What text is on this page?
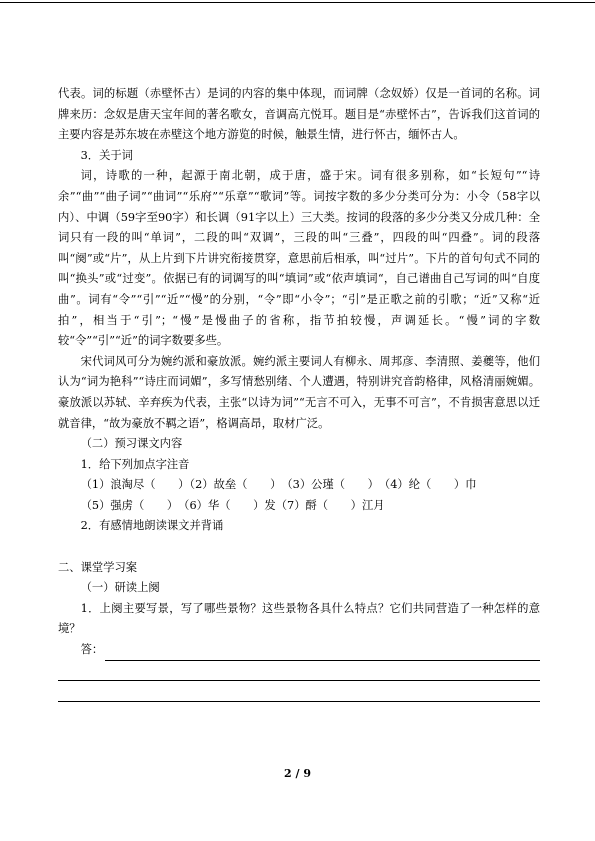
代表。词的标题（赤壁怀古）是词的内容的集中体现，而词牌（念奴娇）仅是一首词的名称。词牌来历：念奴是唐天宝年间的著名歌女，音调高亢悦耳。题目是“赤壁怀古”，告诉我们这首词的主要内容是苏东坡在赤壁这个地方游览的时候，触景生情，进行怀古，缅怀古人。

3．关于词

词，诗歌的一种，起源于南北朝，成于唐，盛于宋。词有很多别称，如“长短句”“诗余”“曲”“曲子词”“曲词”“乐府”“乐章”“歌词”等。词按字数的多少分类可分为：小令（58字以内）、中调（59字至90字）和长调（91字以上）三大类。按词的段落的多少分类又分成几种：全词只有一段的叫“单词”，二段的叫“双调”，三段的叫“三叠”，四段的叫“四叠”。词的段落叫“阕”或“片”，从上片到下片讲究衔接贯穿，意思前后相承，叫“过片”。下片的首句句式不同的叫“换头”或“过变”。依据已有的词调写的叫“填词”或“依声填词“，自己谱曲自己写词的叫“自度曲”。词有“令”“引”“近”“慢”的分别，“令”即“小令”；“引”是正歌之前的引歌；“近”又称“近拍”，相当于“引”；“慢”是慢曲子的省称，指节拍较慢，声调延长。“慢”词的字数较“令”“引”“近”的词字数要多些。

宋代词风可分为婉约派和豪放派。婉约派主要词人有柳永、周邦彦、李清照、姜夔等，他们认为“词为艳科”“诗庄而词媚”，多写情愁别绪、个人遭遇，特别讲究音韵格律，风格清丽婉媚。豪放派以苏轼、辛弃疾为代表，主张“以诗为词”“无言不可入，无事不可言”，不肯损害意思以迁就音律，“故为豪放不羁之语”，格调高昂，取材广泛。

（二）预习课文内容

1．给下列加点字注音

（1）浪淘尽（　　）（2）故垒（　　）　（3）公瑾（　　）　（4）纶（　　）巾

（5）强虏（　　）　（6）华（　　）发（7）酹（　　）江月

2．有感情地朗读课文并背诵

二、课堂学习案

（一）研读上阕

1．上阕主要写景，写了哪些景物？这些景物各具什么特点？它们共同营造了一种怎样的意境？

答：
2 / 9
